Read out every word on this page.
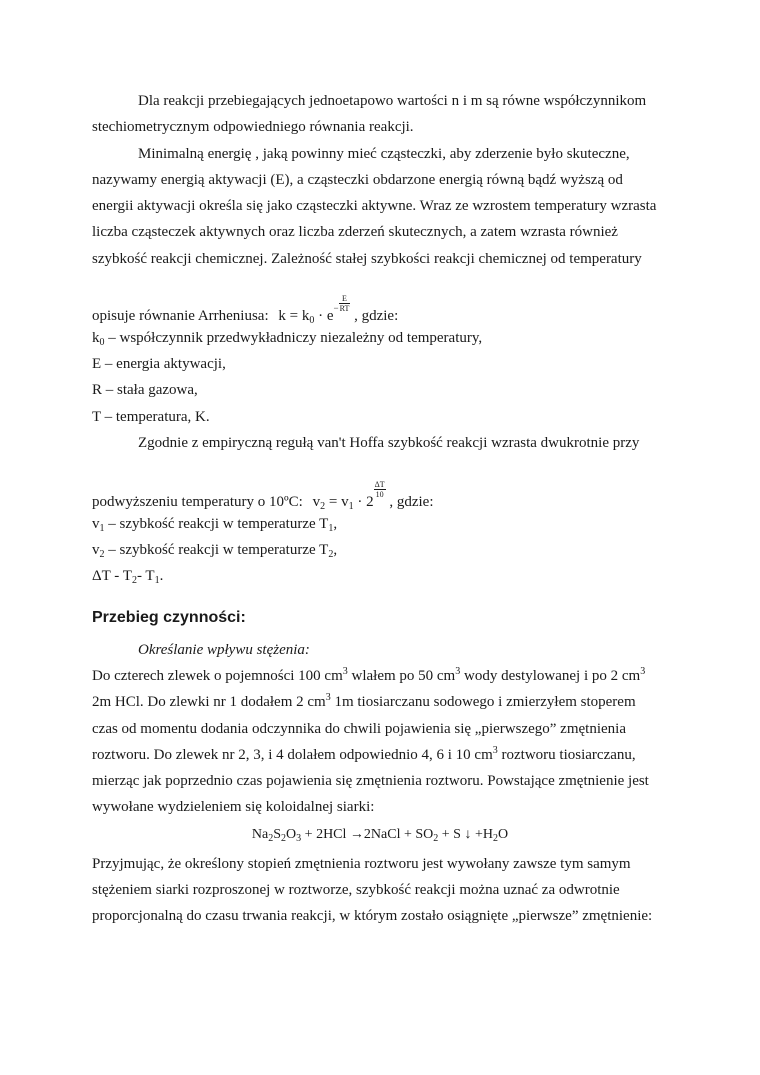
Dla reakcji przebiegających jednoetapowo wartości n i m są równe współczynnikom
stechiometrycznym odpowiedniego równania reakcji.
Minimalną energię , jaką powinny mieć cząsteczki, aby zderzenie było skuteczne,
nazywamy energią aktywacji (E), a cząsteczki obdarzone energią równą bądź wyższą od
energii aktywacji określa się jako cząsteczki aktywne. Wraz ze wzrostem temperatury wzrasta
liczba cząsteczek aktywnych oraz liczba zderzeń skutecznych, a zatem wzrasta również
szybkość reakcji chemicznej. Zależność stałej szybkości reakcji chemicznej od temperatury
opisuje równanie Arrheniusa: $k = k_0 \cdot e^- \frac{E}{RT}$
, gdzie:
$k_0$ – współczynnik przedwykładniczy niezależny od temperatury,
E – energia aktywacji,
R – stała gazowa,
T – temperatura, K.
Zgodnie z empiryczną regułą van't Hoffa szybkość reakcji wzrasta dwukrotnie przy
podwyższeniu temperatury o 10ºC: $v_2 = v_1 \cdot 2$
$\frac{\Delta T}{10}$
, gdzie:
$v_1$ – szybkość reakcji w temperaturze $T_1$,
$v_2$ – szybkość reakcji w temperaturze $T_2$,
ΔT - $T_2-$ $T_1$.
Przebieg czynności:
Określanie wpływu stężenia:
Do czterech zlewek o pojemności 100 $cm^3$ wlałem po 50 $cm^3$ wody destylowanej i po 2 $cm^3$
2m HCl. Do zlewki nr 1 dodałem 2 $cm^3$ 1m tiosiarczanu sodowego i zmierzyłem stoperem
czas od momentu dodania odczynnika do chwili pojawienia się „pierwszego” zmętnienia
roztworu. Do zlewek nr 2, 3, i 4 dolałem odpowiednio 4, 6 i 10 $cm^3$ roztworu tiosiarczanu,
mierząc jak poprzednio czas pojawienia się zmętnienia roztworu. Powstające zmętnienie jest
wywołane wydzieleniem się koloidalnej siarki:
$Na_2S_2O_3 + 2HCl$ →2NaCl + $SO_2 + S$ ↓ $+H_2O$
Przyjmując, że określony stopień zmętnienia roztworu jest wywołany zawsze tym samym
stężeniem siarki rozproszonej w roztworze, szybkość reakcji można uznać za odwrotnie
proporcjonalną do czasu trwania reakcji, w którym zostało osiągnięte „pierwsze” zmętnienie:
